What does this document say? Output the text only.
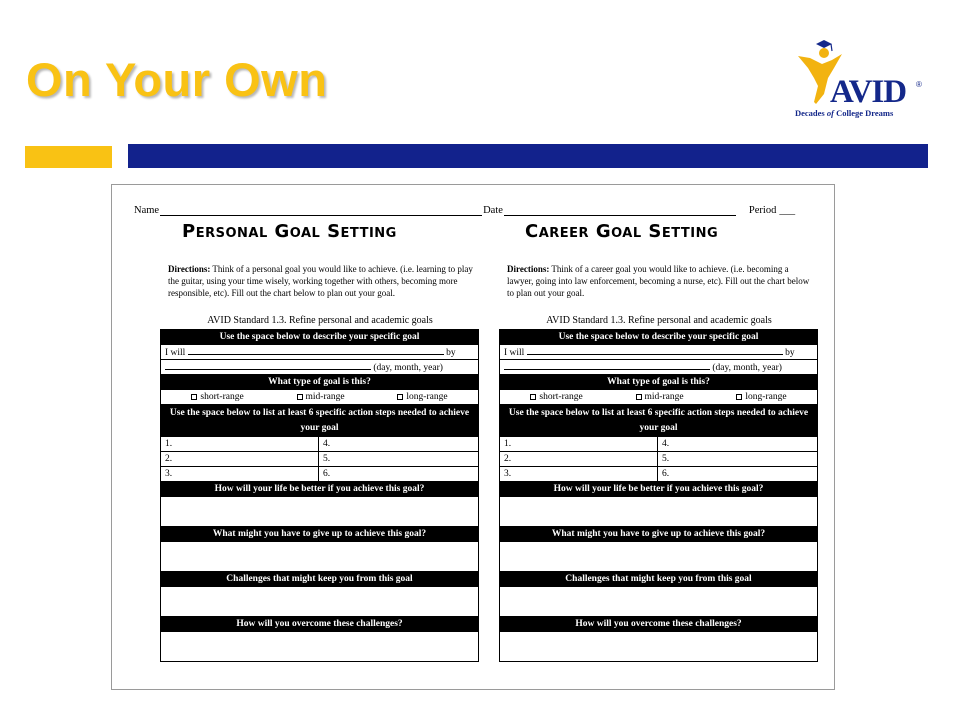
On Your Own	AVID ®
Decades of College Dreams
Name	Date	Period ___
Personal Goal Setting
Directions: Think of a personal goal you would like to achieve. (i.e. learning to play the guitar, using your time wisely, working together with others, becoming more responsible, etc). Fill out the chart below to plan out your goal.
AVID Standard 1.3. Refine personal and academic goals
Use the space below to describe your specific goal	
I will by	
(day, month, year)	
What type of goal is this?	

short-range mid-range long-range	

Use the space below to list at least 6 specific action steps needed to achieve your goal	
1.	4.
2.	5.
3.	6.
How will your life be better if you achieve this goal?	

What might you have to give up to achieve this goal?	

Challenges that might keep you from this goal	

How will you overcome these challenges?	

Career Goal Setting
Directions: Think of a career goal you would like to achieve. (i.e. becoming a lawyer, going into law enforcement, becoming a nurse, etc). Fill out the chart below to plan out your goal.
AVID Standard 1.3. Refine personal and academic goals
Use the space below to describe your specific goal	
I will by	
(day, month, year)	
What type of goal is this?	

short-range mid-range long-range	

Use the space below to list at least 6 specific action steps needed to achieve your goal	
1.	4.
2.	5.
3.	6.
How will your life be better if you achieve this goal?	

What might you have to give up to achieve this goal?	

Challenges that might keep you from this goal	

How will you overcome these challenges?	
